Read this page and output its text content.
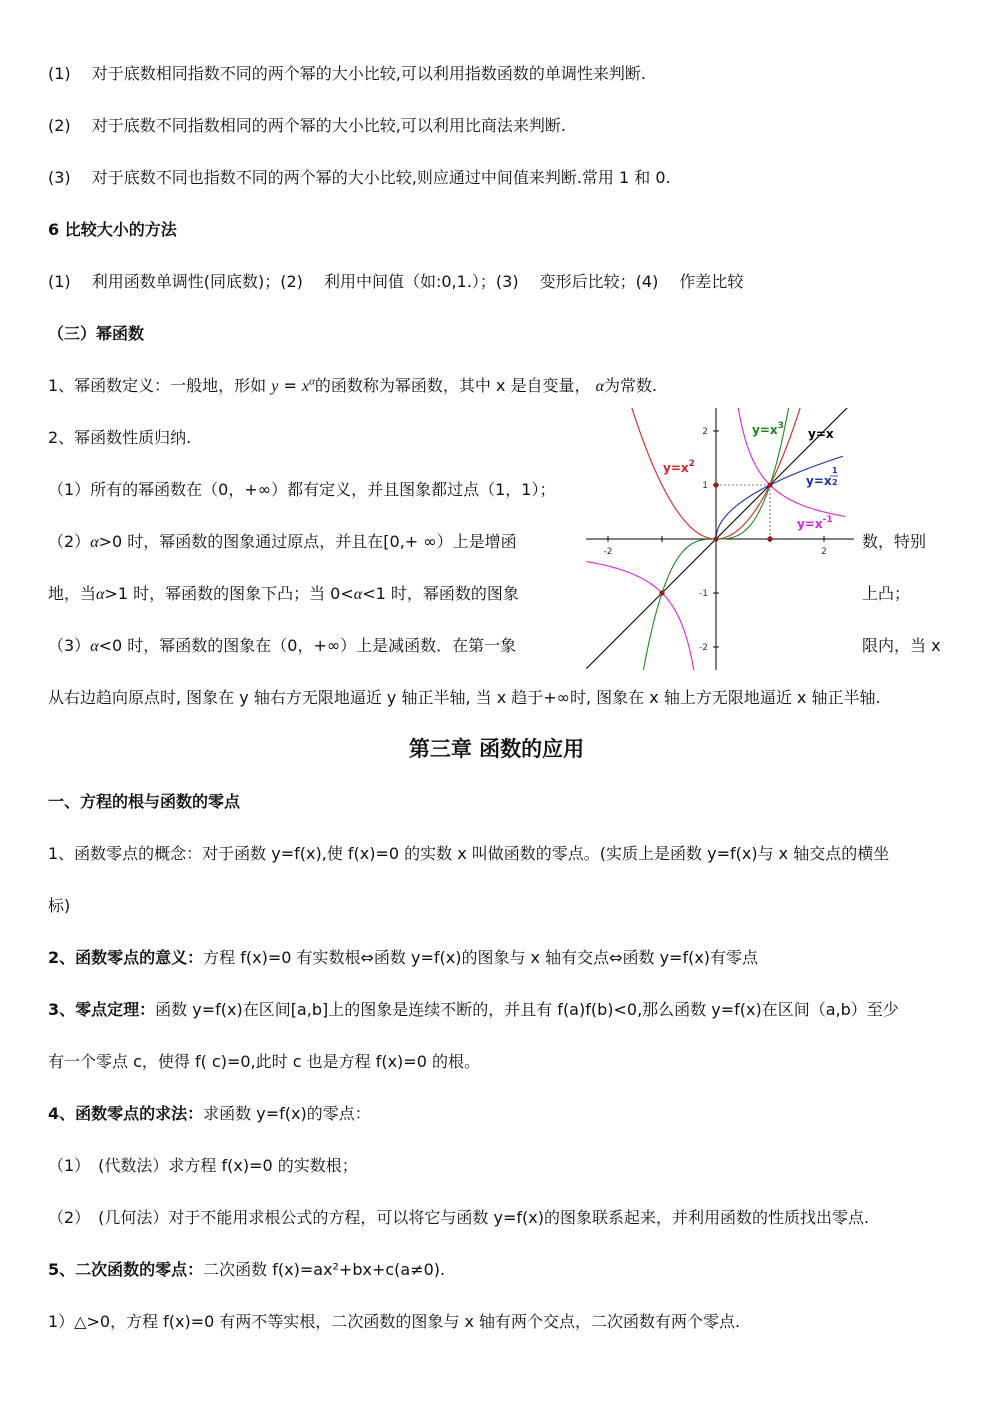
(1)　 对于底数相同指数不同的两个幂的大小比较,可以利用指数函数的单调性来判断.
(2)　 对于底数不同指数相同的两个幂的大小比较,可以利用比商法来判断.
(3)　 对于底数不同也指数不同的两个幂的大小比较,则应通过中间值来判断.常用 1 和 0.
6 比较大小的方法
(1)　 利用函数单调性(同底数)；(2)　 利用中间值（如:0,1.）；(3)　 变形后比较；(4)　 作差比较
（三）幂函数
1、幂函数定义：一般地，形如 $y = x^\alpha$的函数称为幂函数，其中 x 是自变量， α为常数.
2、幂函数性质归纳.
（1）所有的幂函数在（0，+∞）都有定义，并且图象都过点（1，1）；
（2）α>0 时，幂函数的图象通过原点，并且在[0,+ ∞）上是增函	数，特别
地，当α>1 时，幂函数的图象下凸；当 0<α<1 时，幂函数的图象	上凸；
（3）α<0 时，幂函数的图象在（0，+∞）上是减函数．在第一象	限内，当 x
从右边趋向原点时, 图象在 y 轴右方无限地逼近 y 轴正半轴, 当 x 趋于+∞时, 图象在 x 轴上方无限地逼近 x 轴正半轴.
第三章 函数的应用
一、方程的根与函数的零点
1、函数零点的概念：对于函数 y=f(x),使 f(x)=0 的实数 x 叫做函数的零点。(实质上是函数 y=f(x)与 x 轴交点的横坐
标)
2、函数零点的意义：方程 f(x)=0 有实数根⇔函数 y=f(x)的图象与 x 轴有交点⇔函数 y=f(x)有零点
3、零点定理：函数 y=f(x)在区间[a,b]上的图象是连续不断的，并且有 f(a)f(b)<0,那么函数 y=f(x)在区间（a,b）至少
有一个零点 c，使得 f( c)=0,此时 c 也是方程 f(x)=0 的根。
4、函数零点的求法：求函数 y=f(x)的零点：
（1）　(代数法）求方程 f(x)=0 的实数根；
（2）　(几何法）对于不能用求根公式的方程，可以将它与函数 y=f(x)的图象联系起来，并利用函数的性质找出零点.
5、二次函数的零点：二次函数 f(x)=ax²+bx+c(a≠0).
1）△>0，方程 f(x)=0 有两不等实根，二次函数的图象与 x 轴有两个交点，二次函数有两个零点.
-2	2
2
1
-1
-2
$y=x^3$
y=x
$y=x^2$
y=x
1
2
$y=x^{-1}$
